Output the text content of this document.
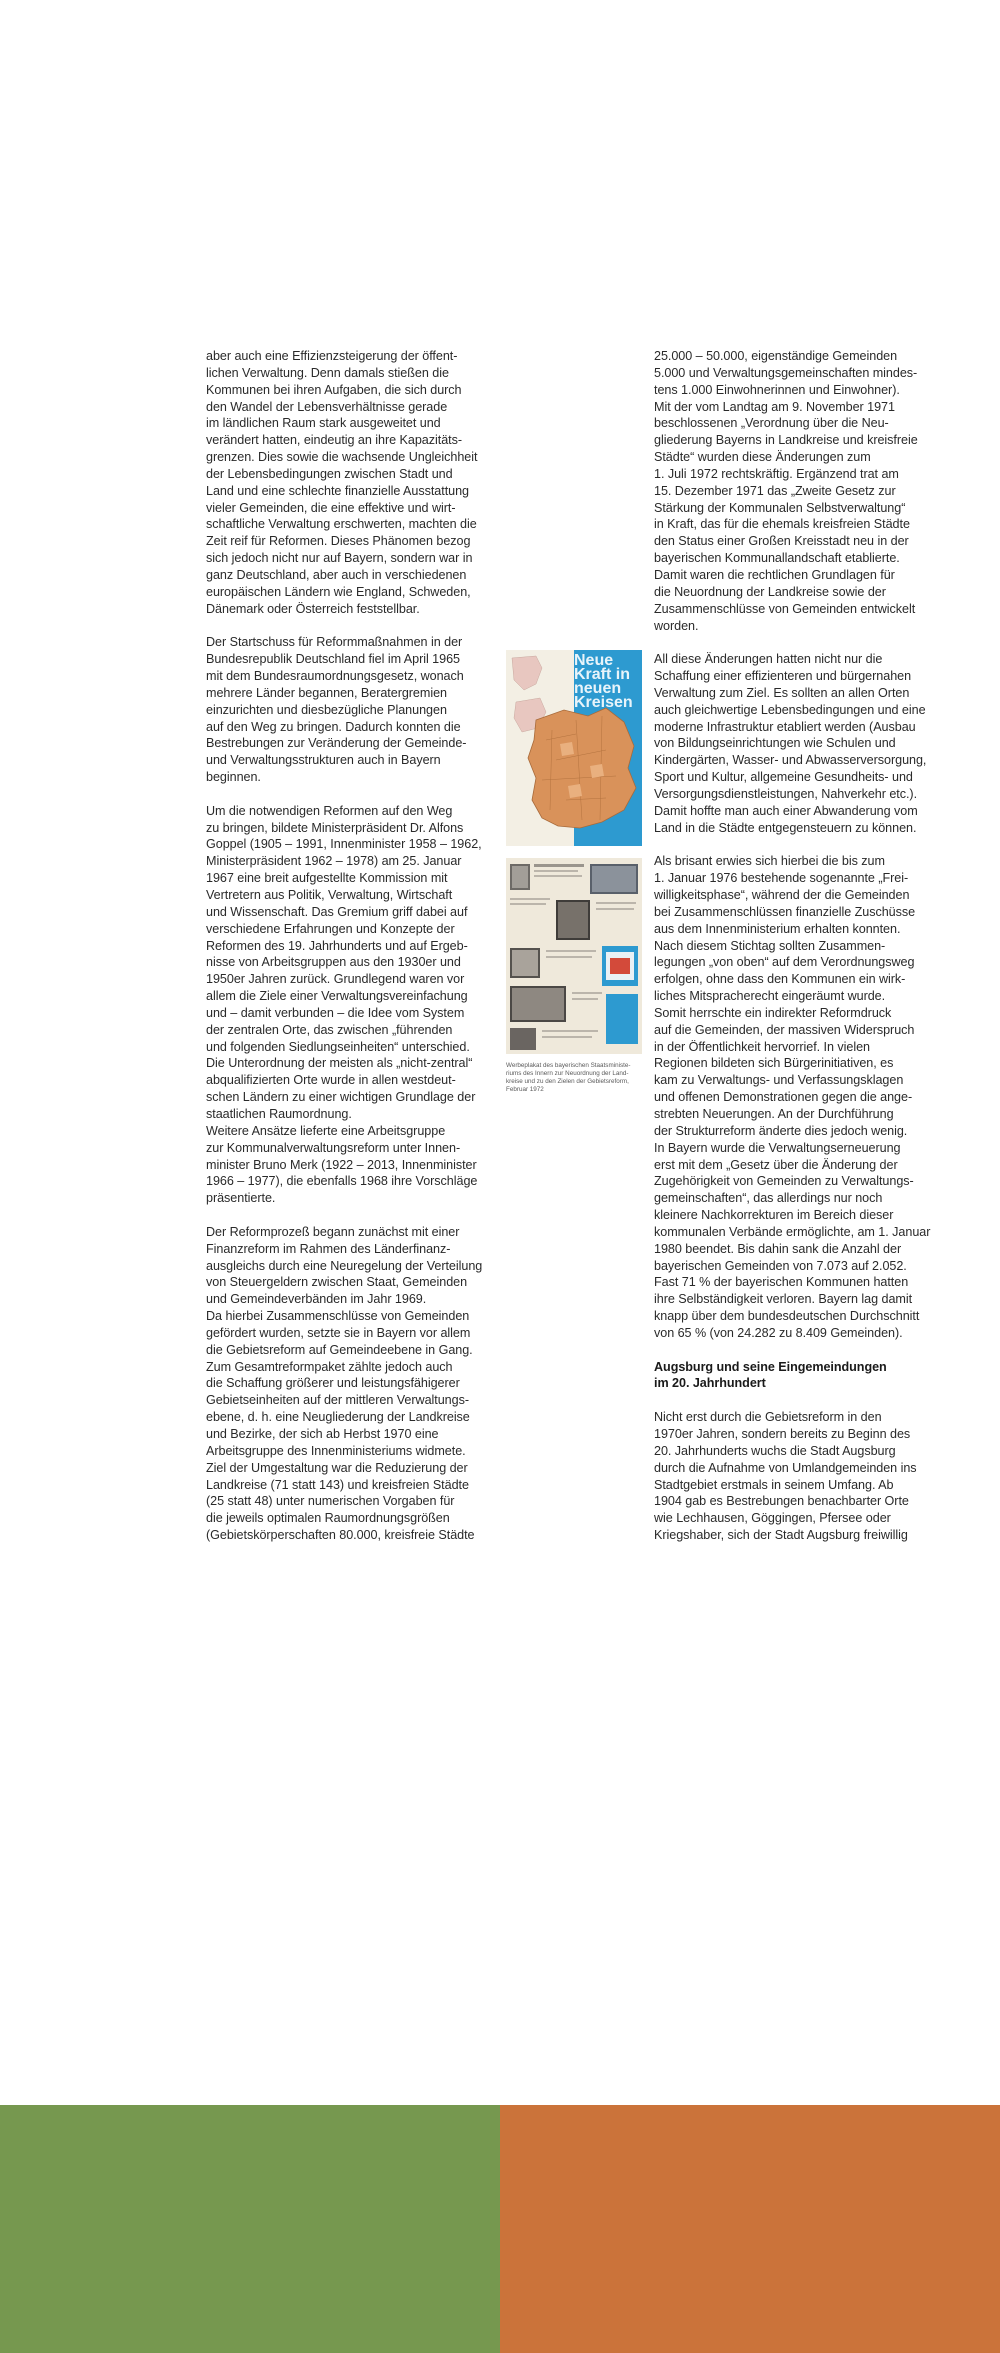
aber auch eine Effizienzsteigerung der öffent-
lichen Verwaltung. Denn damals stießen die
Kommunen bei ihren Aufgaben, die sich durch
den Wandel der Lebensverhältnisse gerade
im ländlichen Raum stark ausgeweitet und
verändert hatten, eindeutig an ihre Kapazitäts-
grenzen. Dies sowie die wachsende Ungleichheit
der Lebensbedingungen zwischen Stadt und
Land und eine schlechte finanzielle Ausstattung
vieler Gemeinden, die eine effektive und wirt-
schaftliche Verwaltung erschwerten, machten die
Zeit reif für Reformen. Dieses Phänomen bezog
sich jedoch nicht nur auf Bayern, sondern war in
ganz Deutschland, aber auch in verschiedenen
europäischen Ländern wie England, Schweden,
Dänemark oder Österreich feststellbar.

Der Startschuss für Reformmaßnahmen in der
Bundesrepublik Deutschland fiel im April 1965
mit dem Bundesraumordnungsgesetz, wonach
mehrere Länder begannen, Beratergremien
einzurichten und diesbezügliche Planungen
auf den Weg zu bringen. Dadurch konnten die
Bestrebungen zur Veränderung der Gemeinde-
und Verwaltungsstrukturen auch in Bayern
beginnen.

Um die notwendigen Reformen auf den Weg
zu bringen, bildete Ministerpräsident Dr. Alfons
Goppel (1905 – 1991, Innenminister 1958 – 1962,
Ministerpräsident 1962 – 1978) am 25. Januar
1967 eine breit aufgestellte Kommission mit
Vertretern aus Politik, Verwaltung, Wirtschaft
und Wissenschaft. Das Gremium griff dabei auf
verschiedene Erfahrungen und Konzepte der
Reformen des 19. Jahrhunderts und auf Ergeb-
nisse von Arbeitsgruppen aus den 1930er und
1950er Jahren zurück. Grundlegend waren vor
allem die Ziele einer Verwaltungsvereinfachung
und – damit verbunden – die Idee vom System
der zentralen Orte, das zwischen „führenden
und folgenden Siedlungseinheiten“ unterschied.
Die Unterordnung der meisten als „nicht-zentral“
abqualifizierten Orte wurde in allen westdeut-
schen Ländern zu einer wichtigen Grundlage der
staatlichen Raumordnung.

Weitere Ansätze lieferte eine Arbeitsgruppe
zur Kommunalverwaltungsreform unter Innen-
minister Bruno Merk (1922 – 2013, Innenminister
1966 – 1977), die ebenfalls 1968 ihre Vorschläge
präsentierte.

Der Reformprozeß begann zunächst mit einer
Finanzreform im Rahmen des Länderfinanz-
ausgleichs durch eine Neuregelung der Verteilung
von Steuergeldern zwischen Staat, Gemeinden
und Gemeindeverbänden im Jahr 1969.

Da hierbei Zusammenschlüsse von Gemeinden
gefördert wurden, setzte sie in Bayern vor allem
die Gebietsreform auf Gemeindeebene in Gang.
Zum Gesamtreformpaket zählte jedoch auch
die Schaffung größerer und leistungsfähigerer
Gebietseinheiten auf der mittleren Verwaltungs-
ebene, d. h. eine Neugliederung der Landkreise
und Bezirke, der sich ab Herbst 1970 eine
Arbeitsgruppe des Innenministeriums widmete.
Ziel der Umgestaltung war die Reduzierung der
Landkreise (71 statt 143) und kreisfreien Städte
(25 statt 48) unter numerischen Vorgaben für
die jeweils optimalen Raumordnungsgrößen
(Gebietskörperschaften 80.000, kreisfreie Städte

Neue
Kraft in
neuen
Kreisen
Werbeplakat des bayerischen Staatsministe-riums des Innern zur Neuordnung der Land-kreise und zu den Zielen der Gebietsreform, Februar 1972

25.000 – 50.000, eigenständige Gemeinden
5.000 und Verwaltungsgemeinschaften mindes-
tens 1.000 Einwohnerinnen und Einwohner).
Mit der vom Landtag am 9. November 1971
beschlossenen „Verordnung über die Neu-
gliederung Bayerns in Landkreise und kreisfreie
Städte“ wurden diese Änderungen zum
1. Juli 1972 rechtskräftig. Ergänzend trat am
15. Dezember 1971 das „Zweite Gesetz zur
Stärkung der Kommunalen Selbstverwaltung“
in Kraft, das für die ehemals kreisfreien Städte
den Status einer Großen Kreisstadt neu in der
bayerischen Kommunallandschaft etablierte.
Damit waren die rechtlichen Grundlagen für
die Neuordnung der Landkreise sowie der
Zusammenschlüsse von Gemeinden entwickelt
worden.

All diese Änderungen hatten nicht nur die
Schaffung einer effizienteren und bürgernahen
Verwaltung zum Ziel. Es sollten an allen Orten
auch gleichwertige Lebensbedingungen und eine
moderne Infrastruktur etabliert werden (Ausbau
von Bildungseinrichtungen wie Schulen und
Kindergärten, Wasser- und Abwasserversorgung,
Sport und Kultur, allgemeine Gesundheits- und
Versorgungsdienstleistungen, Nahverkehr etc.).
Damit hoffte man auch einer Abwanderung vom
Land in die Städte entgegensteuern zu können.

Als brisant erwies sich hierbei die bis zum
1. Januar 1976 bestehende sogenannte „Frei-
willigkeitsphase“, während der die Gemeinden
bei Zusammenschlüssen finanzielle Zuschüsse
aus dem Innenministerium erhalten konnten.
Nach diesem Stichtag sollten Zusammen-
legungen „von oben“ auf dem Verordnungsweg
erfolgen, ohne dass den Kommunen ein wirk-
liches Mitspracherecht eingeräumt wurde.
Somit herrschte ein indirekter Reformdruck
auf die Gemeinden, der massiven Widerspruch
in der Öffentlichkeit hervorrief. In vielen
Regionen bildeten sich Bürgerinitiativen, es
kam zu Verwaltungs- und Verfassungsklagen
und offenen Demonstrationen gegen die ange-
strebten Neuerungen. An der Durchführung
der Strukturreform änderte dies jedoch wenig.
In Bayern wurde die Verwaltungserneuerung
erst mit dem „Gesetz über die Änderung der
Zugehörigkeit von Gemeinden zu Verwaltungs-
gemeinschaften“, das allerdings nur noch
kleinere Nachkorrekturen im Bereich dieser
kommunalen Verbände ermöglichte, am 1. Januar
1980 beendet. Bis dahin sank die Anzahl der
bayerischen Gemeinden von 7.073 auf 2.052.
Fast 71 % der bayerischen Kommunen hatten
ihre Selbständigkeit verloren. Bayern lag damit
knapp über dem bundesdeutschen Durchschnitt
von 65 % (von 24.282 zu 8.409 Gemeinden).

Augsburg und seine Eingemeindungen
im 20. Jahrhundert

Nicht erst durch die Gebietsreform in den
1970er Jahren, sondern bereits zu Beginn des
20. Jahrhunderts wuchs die Stadt Augsburg
durch die Aufnahme von Umlandgemeinden ins
Stadtgebiet erstmals in seinem Umfang. Ab
1904 gab es Bestrebungen benachbarter Orte
wie Lechhausen, Göggingen, Pfersee oder
Kriegshaber, sich der Stadt Augsburg freiwillig
